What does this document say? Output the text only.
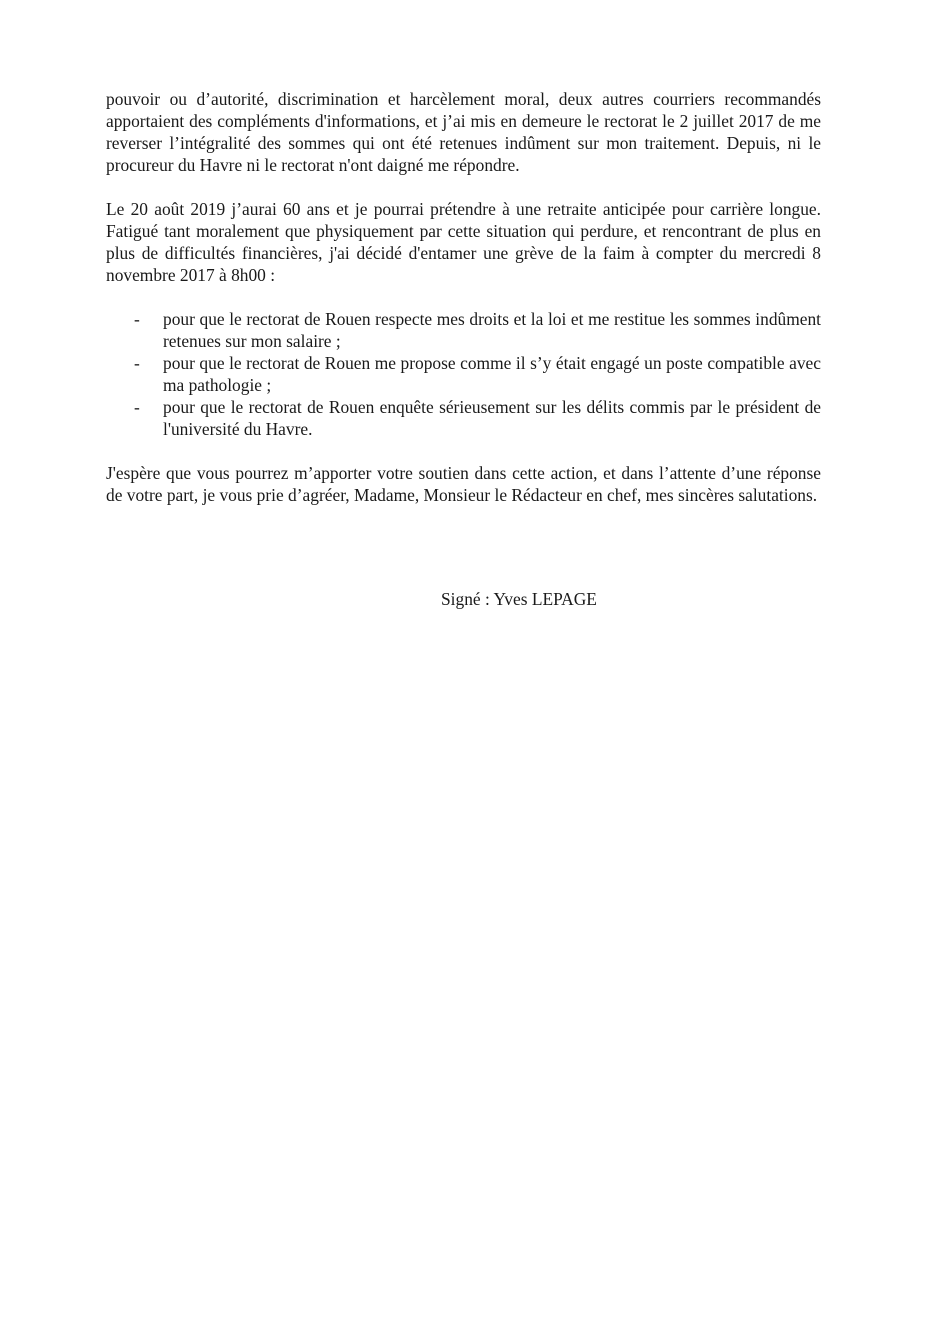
pouvoir ou d’autorité, discrimination et harcèlement moral, deux autres courriers recommandés apportaient des compléments d'informations, et j’ai mis en demeure le rectorat le 2 juillet 2017 de me reverser l’intégralité des sommes qui ont été retenues indûment sur mon traitement. Depuis, ni le procureur du Havre ni le rectorat n'ont daigné me répondre.

Le 20 août 2019 j’aurai 60 ans et je pourrai prétendre à une retraite anticipée pour carrière longue. Fatigué tant moralement que physiquement par cette situation qui perdure, et rencontrant de plus en plus de difficultés financières, j'ai décidé d'entamer une grève de la faim à compter du mercredi 8 novembre 2017 à 8h00 :

- pour que le rectorat de Rouen respecte mes droits et la loi et me restitue les sommes indûment retenues sur mon salaire ;
- pour que le rectorat de Rouen me propose comme il s’y était engagé un poste compatible avec ma pathologie ;
- pour que le rectorat de Rouen enquête sérieusement sur les délits commis par le président de l'université du Havre.

J'espère que vous pourrez m’apporter votre soutien dans cette action, et dans l’attente d’une réponse de votre part, je vous prie d’agréer, Madame, Monsieur le Rédacteur en chef, mes sincères salutations.

Signé : Yves LEPAGE
